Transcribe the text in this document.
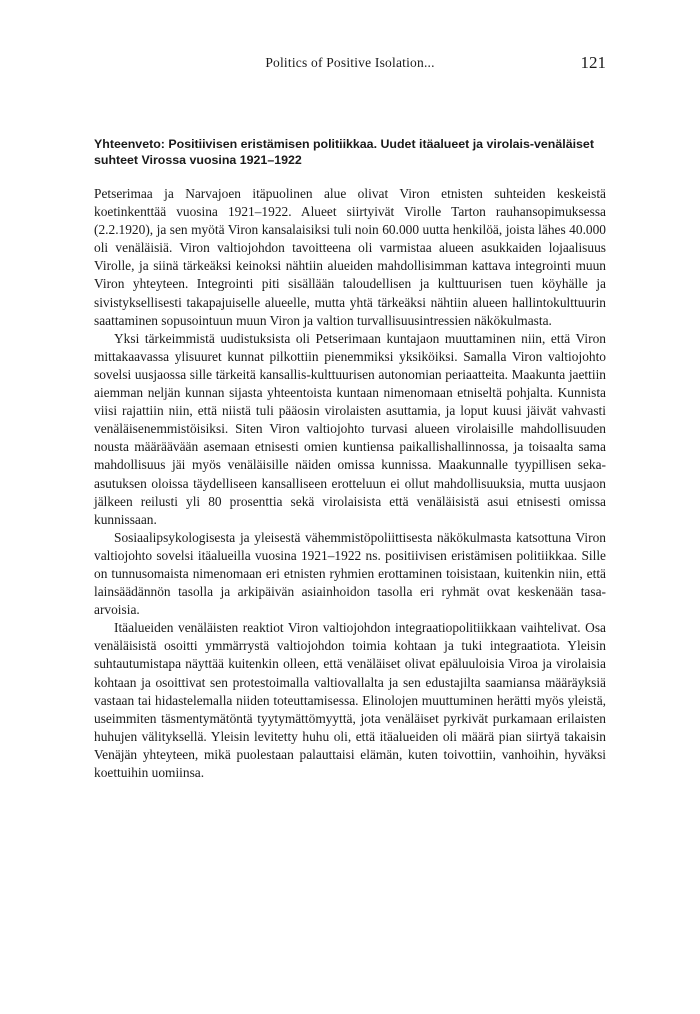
Politics of Positive Isolation...	121
Yhteenveto: Positiivisen eristämisen politiikkaa. Uudet itäalueet ja virolais-venäläiset suhteet Virossa vuosina 1921–1922

Petserimaa ja Narvajoen itäpuolinen alue olivat Viron etnisten suhteiden keskeistä koetinkenttää vuosina 1921–1922. Alueet siirtyivät Virolle Tarton rauhansopimuksessa (2.2.1920), ja sen myötä Viron kansalaisiksi tuli noin 60.000 uutta henkilöä, joista lähes 40.000 oli venäläisiä. Viron valtiojohdon tavoitteena oli varmistaa alueen asukkaiden lojaalisuus Virolle, ja siinä tärkeäksi keinoksi nähtiin alueiden mahdollisimman kattava integrointi muun Viron yhteyteen. Integrointi piti sisällään taloudellisen ja kulttuurisen tuen köyhälle ja sivistyksellisesti takapajuiselle alueelle, mutta yhtä tärkeäksi nähtiin alueen hallintokulttuurin saattaminen sopusointuun muun Viron ja valtion turvallisuusintressien näkökulmasta.

Yksi tärkeimmistä uudistuksista oli Petserimaan kuntajaon muuttaminen niin, että Viron mittakaavassa ylisuuret kunnat pilkottiin pienemmiksi yksiköiksi. Samalla Viron valtiojohto sovelsi uusjaossa sille tärkeitä kansallis-kulttuurisen autonomian periaatteita. Maakunta jaettiin aiemman neljän kunnan sijasta yhteentoista kuntaan nimenomaan etniseltä pohjalta. Kunnista viisi rajattiin niin, että niistä tuli pääosin virolaisten asuttamia, ja loput kuusi jäivät vahvasti venäläisenemmistöisiksi. Siten Viron valtiojohto turvasi alueen virolaisille mahdollisuuden nousta määräävään asemaan etnisesti omien kuntiensa paikallishallinnossa, ja toisaalta sama mahdollisuus jäi myös venäläisille näiden omissa kunnissa. Maakunnalle tyypillisen seka-asutuksen oloissa täydelliseen kansalliseen erotteluun ei ollut mahdollisuuksia, mutta uusjaon jälkeen reilusti yli 80 prosenttia sekä virolaisista että venäläisistä asui etnisesti omissa kunnissaan.

Sosiaalipsykologisesta ja yleisestä vähemmistöpoliittisesta näkökulmasta katsottuna Viron valtiojohto sovelsi itäalueilla vuosina 1921–1922 ns. positiivisen eristämisen politiikkaa. Sille on tunnusomaista nimenomaan eri etnisten ryhmien erottaminen toisistaan, kuitenkin niin, että lainsäädännön tasolla ja arkipäivän asiainhoidon tasolla eri ryhmät ovat keskenään tasa-arvoisia.

Itäalueiden venäläisten reaktiot Viron valtiojohdon integraatiopolitiikkaan vaihtelivat. Osa venäläisistä osoitti ymmärrystä valtiojohdon toimia kohtaan ja tuki integraatiota. Yleisin suhtautumistapa näyttää kuitenkin olleen, että venäläiset olivat epäluuloisia Viroa ja virolaisia kohtaan ja osoittivat sen protestoimalla valtiovallalta ja sen edustajilta saamiansa määräyksiä vastaan tai hidastelemalla niiden toteuttamisessa. Elinolojen muuttuminen herätti myös yleistä, useimmiten täsmentymätöntä tyytymättömyyttä, jota venäläiset pyrkivät purkamaan erilaisten huhujen välityksellä. Yleisin levitetty huhu oli, että itäalueiden oli määrä pian siirtyä takaisin Venäjän yhteyteen, mikä puolestaan palauttaisi elämän, kuten toivottiin, vanhoihin, hyväksi koettuihin uomiinsa.
